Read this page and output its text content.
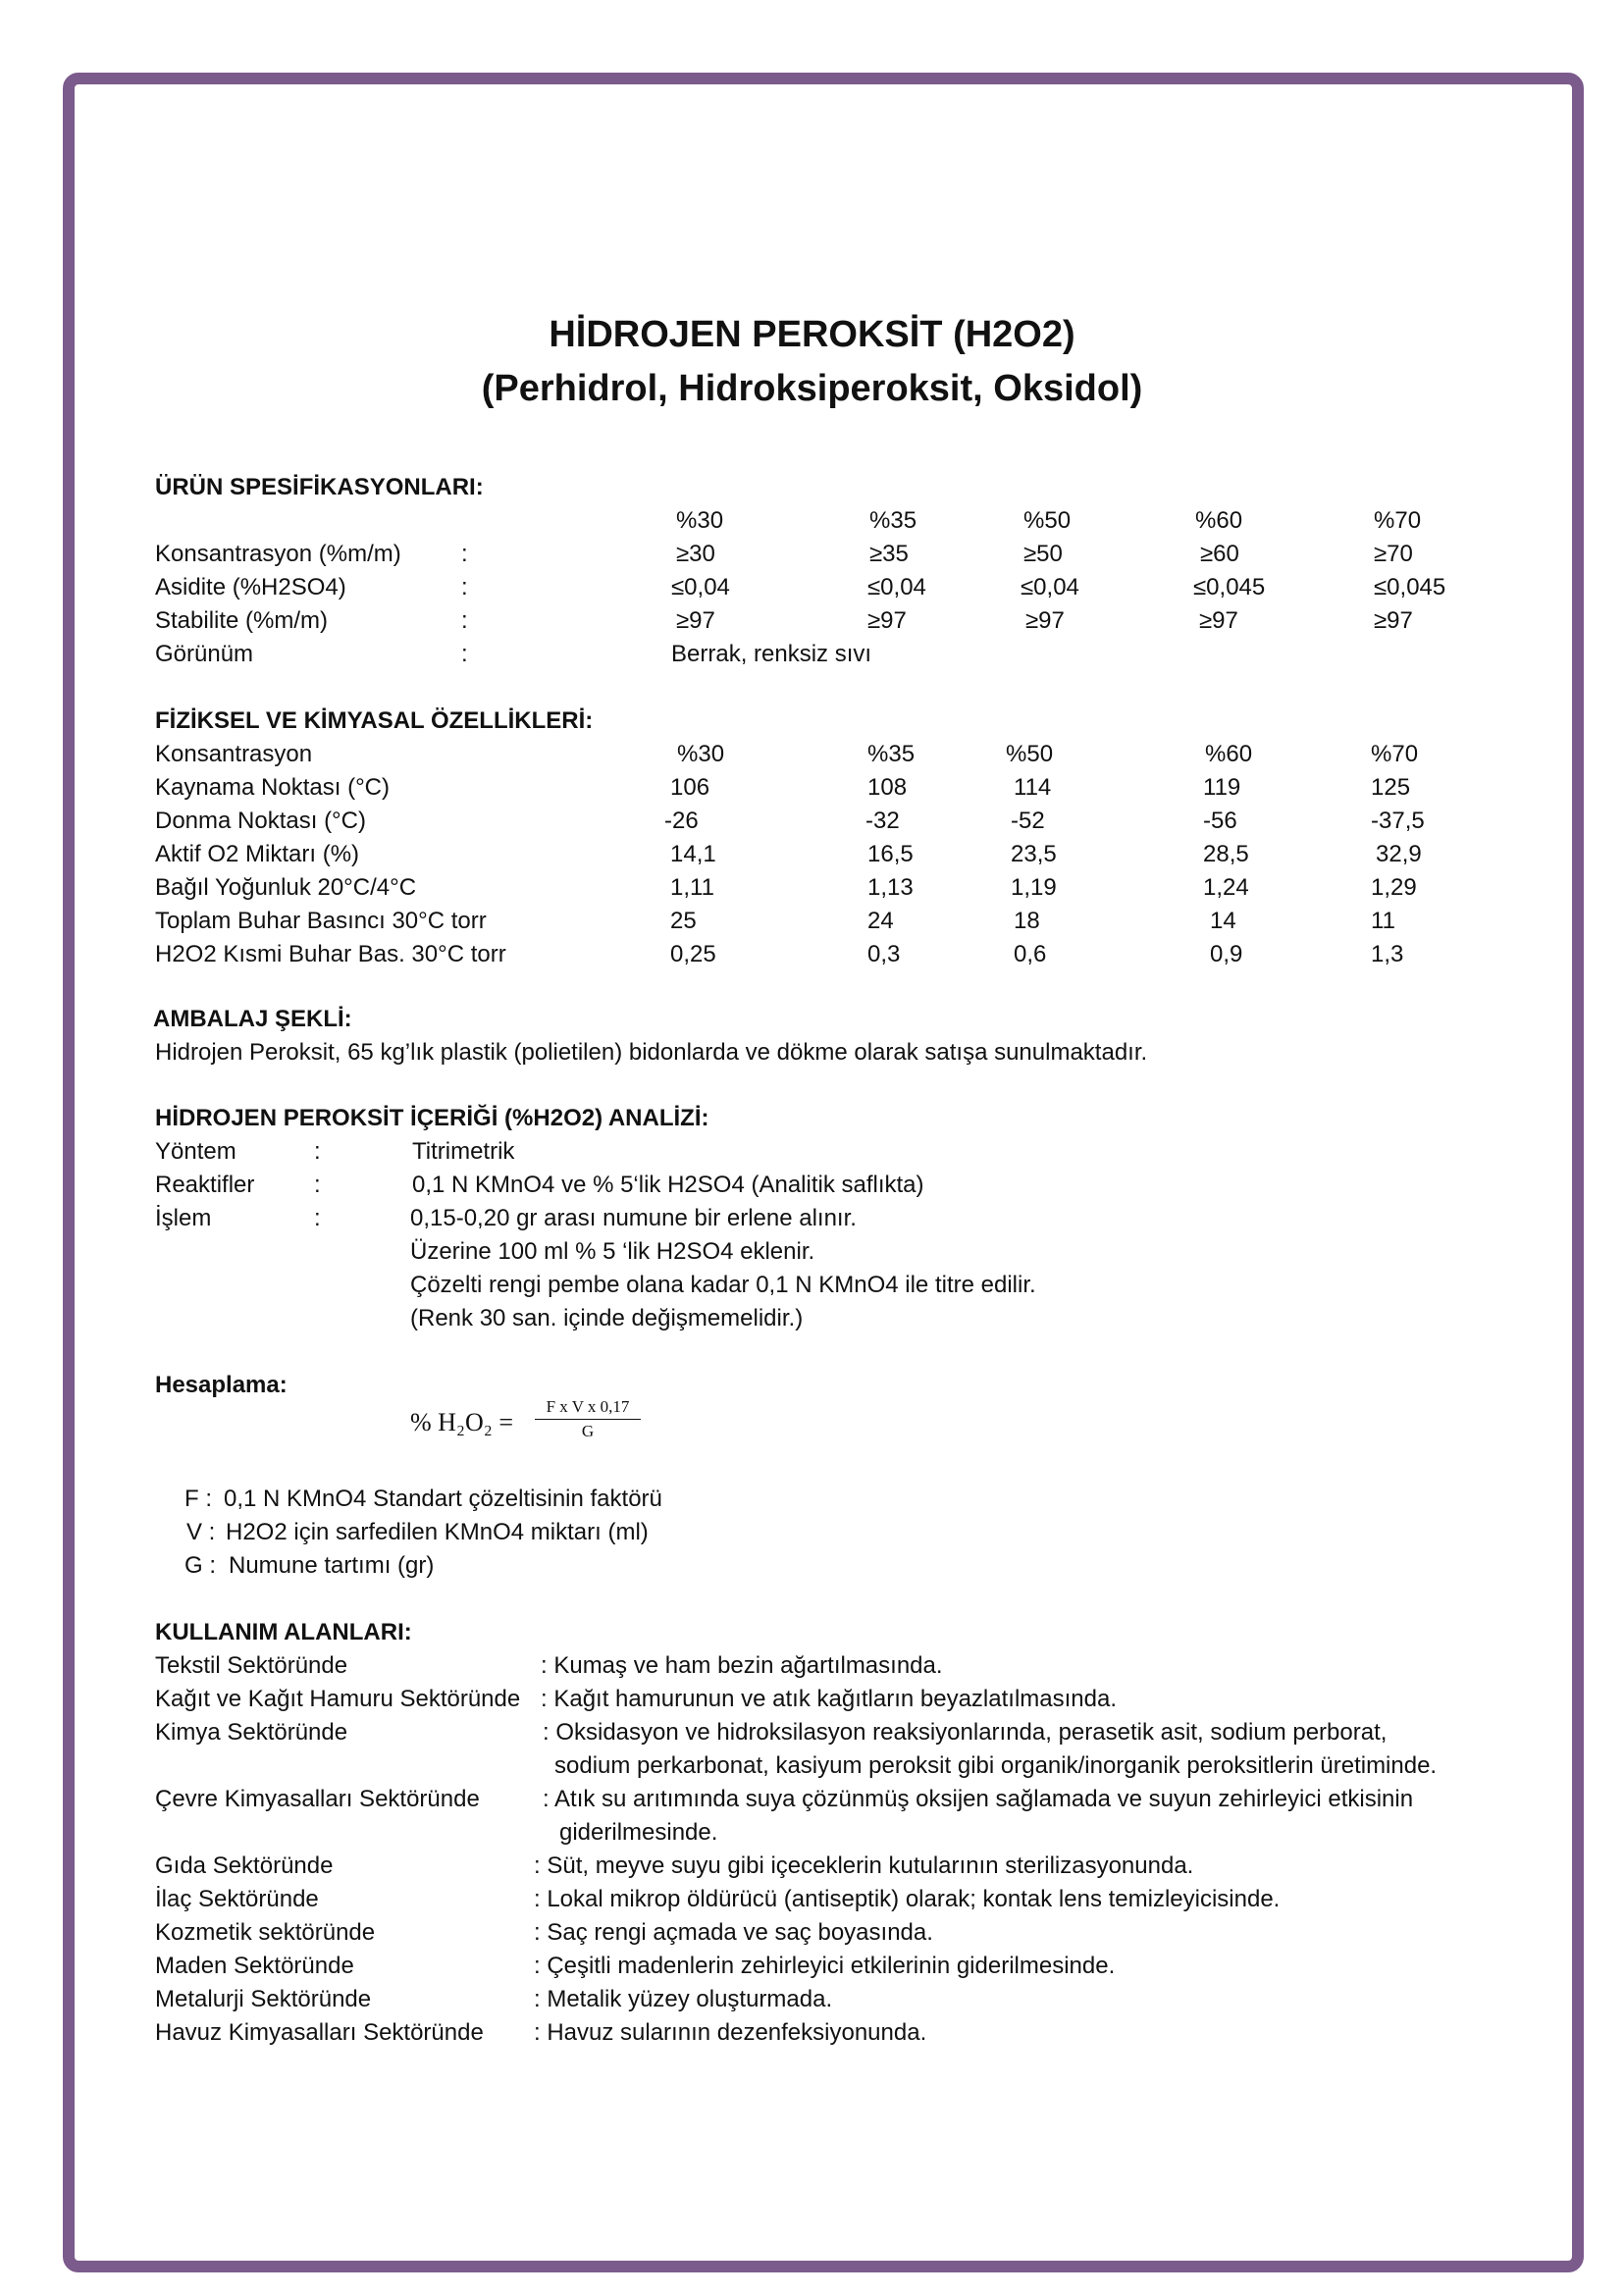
HİDROJEN PEROKSİT (H2O2)
(Perhidrol, Hidroksiperoksit, Oksidol)
ÜRÜN SPESİFİKASYONLARI:
%30	%35	%50	%60	%70
Konsantrasyon (%m/m)	:	≥30	≥35	≥50	≥60	≥70
Asidite (%H2SO4)	:	≤0,04	≤0,04	≤0,04	≤0,045	≤0,045
Stabilite (%m/m)	:	≥97	≥97	≥97	≥97	≥97
Görünüm	:	Berrak, renksiz sıvı
FİZİKSEL VE KİMYASAL ÖZELLİKLERİ:
Konsantrasyon	%30	%35	%50	%60	%70
Kaynama Noktası (°C)	106	108	114	119	125
Donma Noktası (°C)	-26	-32	-52	-56	-37,5
Aktif O2 Miktarı (%)	14,1	16,5	23,5	28,5	32,9
Bağıl Yoğunluk 20°C/4°C	1,11	1,13	1,19	1,24	1,29
Toplam Buhar Basıncı 30°C torr	25	24	18	14	11
H2O2 Kısmi Buhar Bas. 30°C torr	0,25	0,3	0,6	0,9	1,3
AMBALAJ ŞEKLİ:
Hidrojen Peroksit, 65 kg’lık plastik (polietilen) bidonlarda ve dökme olarak satışa sunulmaktadır.
HİDROJEN PEROKSİT İÇERİĞİ (%H2O2) ANALİZİ:
Yöntem	:	Titrimetrik
Reaktifler	:	0,1 N KMnO4 ve % 5‘lik H2SO4 (Analitik saflıkta)
İşlem	:	0,15-0,20 gr arası numune bir erlene alınır.
Üzerine 100 ml % 5 ‘lik H2SO4 eklenir.
Çözelti rengi pembe olana kadar 0,1 N KMnO4 ile titre edilir.
(Renk 30 san. içinde değişmemelidir.)
Hesaplama:
% $H_2O_2 = \frac{\text{F x V x 0,17}}{G}$
F : 0,1 N KMnO4 Standart çözeltisinin faktörü
V : H2O2 için sarfedilen KMnO4 miktarı (ml)
G : Numune tartımı (gr)
KULLANIM ALANLARI:
Tekstil Sektöründe	: Kumaş ve ham bezin ağartılmasında.
Kağıt ve Kağıt Hamuru Sektöründe : Kağıt hamurunun ve atık kağıtların beyazlatılmasında.
Kimya Sektöründe	: Oksidasyon ve hidroksilasyon reaksiyonlarında, perasetik asit, sodium perborat,
sodium perkarbonat, kasiyum peroksit gibi organik/inorganik peroksitlerin üretiminde.
Çevre Kimyasalları Sektöründe	: Atık su arıtımında suya çözünmüş oksijen sağlamada ve suyun zehirleyici etkisinin
giderilmesinde.
Gıda Sektöründe	: Süt, meyve suyu gibi içeceklerin kutularının sterilizasyonunda.
İlaç Sektöründe	: Lokal mikrop öldürücü (antiseptik) olarak; kontak lens temizleyicisinde.
Kozmetik sektöründe	: Saç rengi açmada ve saç boyasında.
Maden Sektöründe	: Çeşitli madenlerin zehirleyici etkilerinin giderilmesinde.
Metalurji Sektöründe	: Metalik yüzey oluşturmada.
Havuz Kimyasalları Sektöründe : Havuz sularının dezenfeksiyonunda.
